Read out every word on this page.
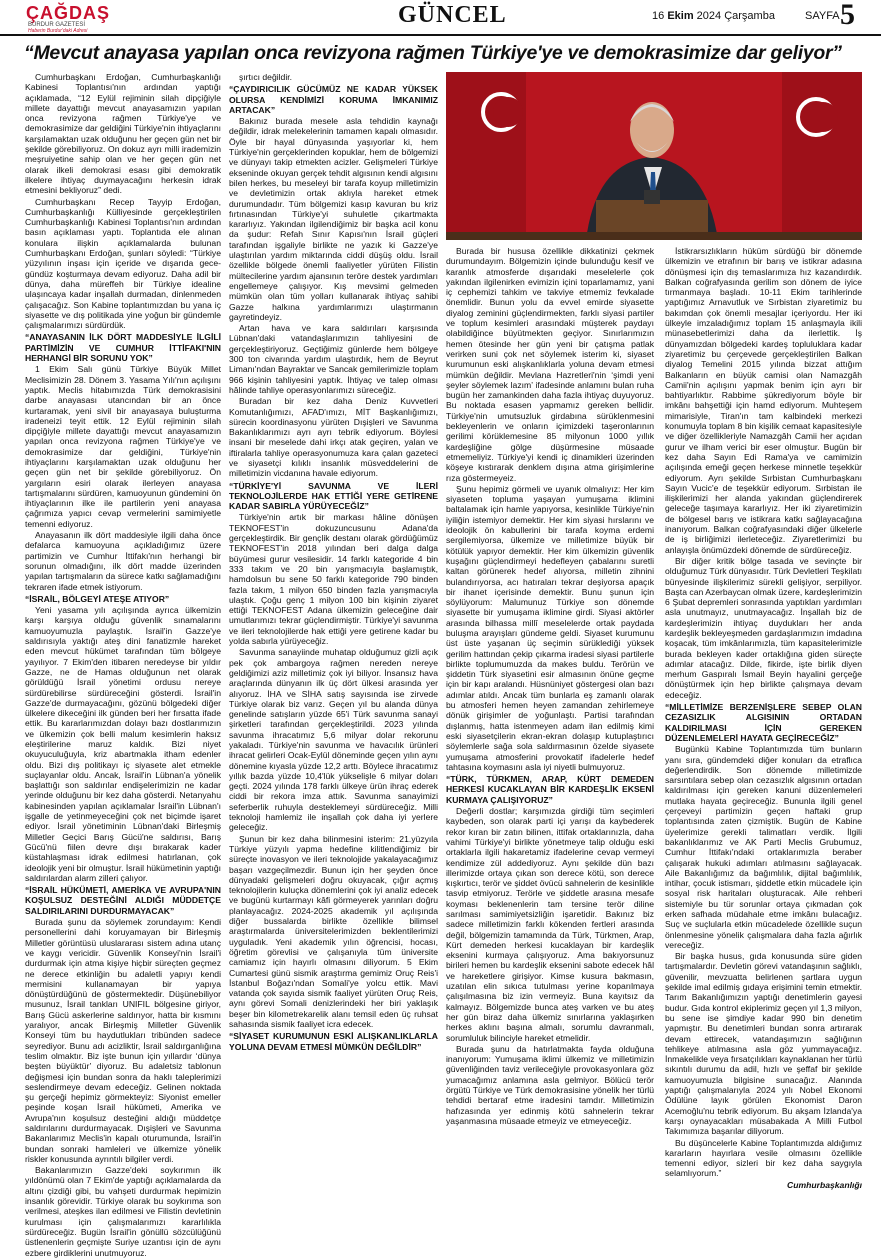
ÇAĞDAŞ
BURDUR GAZETESİ
Haberin Burdur'daki Adresi
GÜNCEL	16 Ekim 2024 Çarşamba	SAYFA 5
“Mevcut anayasa yapılan onca revizyona rağmen Türkiye'ye ve demokrasimize dar geliyor”

Cumhurbaşkanı Erdoğan, Cumhurbaşkanlığı Kabinesi Toplantısı'nın ardından yaptığı açıklamada, “12 Eylül rejiminin silah dipçiğiyle millete dayattığı mevcut anayasamızın yapılan onca revizyona rağmen Türkiye'ye ve demokrasimize dar geldiğini Türkiye'nin ihtiyaçlarını karşılamaktan uzak olduğunu her geçen gün net bir şekilde görebiliyoruz. On dokuz ayrı milli irademizin meşruiyetine sahip olan ve her geçen gün net olarak ilkeli demokrasi esası gibi demokratik ilkelere ihtiyaç duymayacağını herkesin idrak etmesini bekliyoruz” dedi.

Cumhurbaşkanı Recep Tayyip Erdoğan, Cumhurbaşkanlığı Külliyesinde gerçekleştirilen Cumhurbaşkanlığı Kabinesi Toplantısı'nın ardından basın açıklaması yaptı. Toplantıda ele alınan konulara ilişkin açıklamalarda bulunan Cumhurbaşkanı Erdoğan, şunları söyledi: “Türkiye yüzyılının inşası için içeride ve dışarıda gece-gündüz koşturmaya devam ediyoruz. Daha adil bir dünya, daha müreffeh bir Türkiye idealine ulaşıncaya kadar inşallah durmadan, dinlenmeden çalışacağız. Son Kabine toplantımızdan bu yana iç siyasette ve dış politikada yine yoğun bir gündemle çalışmalarımızı sürdürdük.

“ANAYASANIN İLK DÖRT MADDESİYLE İLGİLİ PARTİMİZİN VE CUMHUR İTTİFAKI'NIN HERHANGİ BİR SORUNU YOK”

1 Ekim Salı günü Türkiye Büyük Millet Meclisimizin 28. Dönem 3. Yasama Yılı'nın açılışını yaptık. Meclis hitabımızda Türk demokrasisini darbe anayasası utancından bir an önce kurtaramak, yeni sivil bir anayasaya buluşturma iradeneizi teyit ettik. 12 Eylül rejiminin silah dipçiğiyle millete dayattığı mevcut anayasamızın yapılan onca revizyona rağmen Türkiye'ye ve demokrasimize dar geldiğini, Türkiye'nin ihtiyaçlarını karşılamaktan uzak olduğunu her geçen gün net bir şekilde görebiliyoruz. Ön yargıların esiri olarak ilerleyen anayasa tartışmalarını sürdüren, kamuoyunun gündemini ön ihtiyaçlarının ilke ile partilerin yeni anayasa çağrımıza yapıcı cevap vermelerini samimiyetle temenni ediyoruz.

Anayasanın ilk dört maddesiyle ilgili daha önce defalarca kamuoyuna açıkladığımız üzere partimizin ve Cumhur İttifakı'nın herhangi bir sorunun olmadığını, ilk dört madde üzerinden yapılan tartışmaların da sürece katkı sağlamadığını tekraren ifade etmek istiyorum.

“İSRAİL, BÖLGEYİ ATEŞE ATIYOR”

Yeni yasama yılı açılışında ayrıca ülkemizin karşı karşıya olduğu güvenlik sınamalarını kamuoyumuzla paylaştık. İsrail'in Gazze'ye saldırısıyla yaktığı ateş dini fanatizmle hareket eden mevcut hükümet tarafından tüm bölgeye yayılıyor. 7 Ekim'den itibaren neredeyse bir yıldır Gazze, ne de Hamas olduğunun net olarak görüldüğü İsrail yönetimi ordusu nereye sürdürebilirse sürdüreceğini gösterdi. İsrail'in Gazze'de durmayacağını, gözünü bölgedeki diğer ülkelere dikeceğini ilk günden beri her fırsatta ifade ettik. Bu kararlarımızdan dolayı bazı dostlarımızın ve ülkemizin çok belli malum kesimlerin haksız eleştirilerine maruz kaldık. Bizi niyet okuyuculuğuyla, kriz abartmakla itham edenler oldu. Bizi dış politikayı iç siyasete alet etmekle suçlayanlar oldu. Ancak, İsrail'in Lübnan'a yönelik başlattığı son saldırılar endişelerimizin ne kadar yerinde olduğunu bir kez daha gösterdi. Netanyahu kabinesinden yapılan açıklamalar İsrail'in Lübnan'ı işgalle de yetinmeyeceğini çok net biçimde işaret ediyor. İsrail yönetiminin Lübnan'daki Birleşmiş Milletler Geçici Barış Gücü'ne saldırısı, Barış Gücü'nü fiilen devre dışı bırakarak kader küstahlaşması idrak edilmesi hatırlanan, çok ideolojik yeni bir olmuştur. İsrail hükümetinin yaptığı saldırılardan alarm zilleri çalıyor.

“İSRAİL HÜKÜMETİ, AMERİKA VE AVRUPA'NIN KOŞULSUZ DESTEĞİNİ ALDIĞI MÜDDETÇE SALDIRILARINI DURDURMAYACAK”

Burada şunu da söylemek zorundayım: Kendi personellerini dahi koruyamayan bir Birleşmiş Milletler görüntüsü uluslararası sistem adına utanç ve kaygı vericidir. Güvenlik Konseyi'nin İsrail'i durdurmak için atma kişiye hiçbir süreçten geçmez ne derece etkinliğin bu adaletli yapıyı kendi mermisini kullanamayan bir yapıya dönüştürdüğünü de göstermektedir. Düşünebiliyor musunuz, İsrail tankları UNIFIL bölgesine giriyor, Barış Gücü askerlerine saldırıyor, hatta bir kısmını yaralıyor, ancak Birleşmiş Milletler Güvenlik Konseyi tüm bu haydutlukları tribünden sadece seyrediyor. Bunu adı acizliktir, İsrail saldırganlığına teslim olmaktır. Biz işte bunun için yıllardır ‘dünya beşten büyüktür’ diyoruz. Bu adaletsiz tablonun değişmesi için bundan sonra da haklı taleplerimizi seslendirmeye devam edeceğiz. Gelinen noktada şu gerçeği hepimiz görmekteyiz: Siyonist emeller peşinde koşan İsrail hükümeti, Amerika ve Avrupa'nın koşulsuz desteğini aldığı müddetçe saldırılarını durdurmayacak. Dışişleri ve Savunma Bakanlarımız Meclis'in kapalı oturumunda, İsrail'in bundan sonraki hamleleri ve ülkemize yönelik riskler konusunda ayrıntılı bilgiler verdi.

Bakanlarımızın Gazze'deki soykırımın ilk yıldönümü olan 7 Ekim'de yaptığı açıklamalarda da altını çizdiği gibi, bu vahşeti durdurmak hepimizin insanlık görevidir. Türkiye olarak bu soykırıma son verilmesi, ateşkes ilan edilmesi ve Filistin devletinin kurulması için çalışmalarımızı kararlılıkla sürdüreceğiz. Bugün İsrail'in gönüllü sözcülüğünü üstlenenlerin geçmişte Suriye uzantısı için de aynı ezbere girdiklerini unutmuyoruz.

şırtıcı değildir.

“ÇAYDIRICILIK GÜCÜMÜZ NE KADAR YÜKSEK OLURSA KENDİMİZİ KORUMA İMKANIMIZ ARTACAK”

Bakınız burada mesele asla tehdidin kaynağı değildir, idrak melekelerinin tamamen kapalı olmasıdır. Öyle bir hayal dünyasında yaşıyorlar ki, hem Türkiye'nin gerçeklerinden kopuklar, hem de bölgemizi ve dünyayı takip etmekten acizler. Gelişmeleri Türkiye ekseninde okuyan gerçek tehdit algısının kendi algısını bilen herkes, bu meseleyi bir tarafa koyup milletimizin ve devletimizin ortak aklıyla hareket etmek durumundadır. Tüm bölgemizi kasıp kavuran bu kriz fırtınasından Türkiye'yi suhuletle çıkartmakta kararlıyız. Yakından ilgilendiğimiz bir başka acil konu da şudur: Refah Sınır Kapısı'nın İsrail güçleri tarafından işgaliyle birlikte ne yazık ki Gazze'ye ulaştırılan yardım miktarında ciddi düşüş oldu. İsrail özellikle bölgede önemli faaliyetler yürüten Filistin mültecilerine yardım ajansının teröre destek yardımları engellemeye çalışıyor. Kış mevsimi gelmeden mümkün olan tüm yolları kullanarak ihtiyaç sahibi Gazze halkına yardımlarımızı ulaştırmanın gayretindeyiz.

Artan hava ve kara saldırıları karşısında Lübnan'daki vatandaşlarımızın tahliyesini de gerçekleştiriyoruz. Geçtiğimiz günlerde hem bölgeye 300 ton civarında yardım ulaştırdık, hem de Beyrut Limanı'ndan Bayraktar ve Sancak gemilerimizle toplam 966 kişinin tahliyesini yaptık. İhtiyaç ve talep olması hâlinde tahliye operasyonlarımızı süreceğiz.

Buradan bir kez daha Deniz Kuvvetleri Komutanlığımızı, AFAD'ımızı, MİT Başkanlığımızı, sürecin koordinasyonu yürüten Dışişleri ve Savunma Bakanlıklarımızı ayrı ayrı tebrik ediyorum. Böylesi insani bir meselede dahi irkçı atak geçiren, yalan ve iftiralarla tahliye operasyonumuza kara çalan gazeteci ve siyasetçi kılıklı insanlık müsveddelerini de milletimizin vicdanına havale ediyorum.

“TÜRKİYE'Yİ SAVUNMA VE İLERİ TEKNOLOJİLERDE HAK ETTİĞİ YERE GETİRENE KADAR SABIRLA YÜRÜYECEĞİZ”

Türkiye'nin artık bir markası hâline dönüşen TEKNOFEST'in dokuzuncusunu Adana'da gerçekleştirdik. Bir gençlik destanı olarak gördüğümüz TEKNOFEST'in 2018 yılından beri dalga dalga büyümesi gurur vesilesidir. 14 farklı kategoride 4 bin 333 takım ve 20 bin yarışmacıyla başlamıştık, hamdolsun bu sene 50 farklı kategoride 790 binden fazla takım, 1 milyon 650 binden fazla yarışmacıyla ulaştık. Çoğu genç 1 milyon 100 bin kişinin ziyaret ettiği TEKNOFEST Adana ülkemizin geleceğine dair umutlarımızı tekrar güçlendirmiştir. Türkiye'yi savunma ve ileri teknolojilerde hak ettiği yere getirene kadar bu yolda sabırla yürüyeceğiz.

Savunma sanayiinde muhatap olduğumuz gizli açık pek çok ambargoya rağmen nereden nereye geldiğimizi aziz milletimiz çok iyi biliyor. İnsansız hava araçlarında dünyanın ilk üç dört ülkesi arasında yer alıyoruz. İHA ve SİHA satış sayısında ise zirvede Türkiye olarak biz varız. Geçen yıl bu alanda dünya genelinde satışların yüzde 65'i Türk savunma sanayi şirketleri tarafından gerçekleştirildi. 2023 yılında savunma ihracatımız 5,6 milyar dolar rekorunu yakaladı. Türkiye'nin savunma ve havacılık ürünleri ihracat gelirleri Ocak-Eylül döneminde geçen yılın aynı dönemine kıyasla yüzde 12,2 arttı. Böylece ihracatımız yıllık bazda yüzde 10,4'lük yükselişle 6 milyar doları geçti. 2024 yılında 178 farklı ülkeye ürün ihraç ederek ciddi bir rekora imza attık. Savunma sanayimizi seferberlik ruhuyla desteklemeyi sürdüreceğiz. Milli teknoloji hamlemiz ile inşallah çok daha iyi yerlere geleceğiz.

Şunun bir kez daha bilinmesini isterim: 21.yüzyıla Türkiye yüzyılı yapma hedefine kilitlendiğimiz bir süreçte inovasyon ve ileri teknolojide yakalayacağımız başarı vazgeçilmezdir. Bunun için her şeyden önce dünyadaki gelişmeleri doğru okuyacak, çığır açmış teknolojilerin kuluçka dönemlerini çok iyi analiz edecek ve bugünü kurtarmayı kâfi görmeyerek yarınları doğru planlayacağız. 2024-2025 akademik yıl açılışında diğer bussalarda birlikte özellikle bilimsel araştırmalarda üniversitelerimizden beklentilerimizi uyguladık. Yeni akademik yılın öğrencisi, hocası, öğretim görevlisi ve çalışanıyla tüm üniversite camiamız için hayırlı olmasını diliyorum. 5 Ekim Cumartesi günü sismik araştırma gemimiz Oruç Reis'i İstanbul Boğazı'ndan Somali'ye yolcu ettik. Mavi vatanda çok sayıda sismik faaliyet yürüten Oruç Reis, aynı görevi Somali denizlerindeki her biri yaklaşık beşer bin kilometrekarelik alanı temsil eden üç ruhsat sahasında sismik faaliyet icra edecek.

“SİYASET KURUMUNUN ESKİ ALIŞKANLIKLARLA YOLUNA DEVAM ETMESİ MÜMKÜN DEĞİLDİR”

Burada bir hususa özellikle dikkatinizi çekmek durumundayım. Bölgemizin içinde bulunduğu kesif ve karanlık atmosferde dışarıdaki meselelerle çok yakından ilgilenirken evimizin içini toparlamamız, yani iç cephemizi tahkim ve takviye etmemiz fevkalade önemlidir. Bunun yolu da evvel emirde siyasette diyalog zeminini güçlendirmekten, farklı siyasi partiler ve toplum kesimleri arasındaki müşterek paydayı olabildiğince büyütmekten geçiyor. Sınırlarımızın hemen ötesinde her gün yeni bir çatışma patlak verirken suni çok net söylemek isterim ki, siyaset kurumunun eski alışkanlıklarla yoluna devam etmesi mümkün değildir. Mevlana Hazretleri'nin ‘şimdi yeni şeyler söylemek lazım’ ifadesinde anlamını bulan ruha bugün her zamankinden daha fazla ihtiyaç duyuyoruz. Bu noktada esasen yapmamız gereken bellidir. Türkiye'nin umutsuzluk girdabına sürüklenmesini bekleyenlerin ve onların içimizdeki taşeronlarının gerilimi körüklemesine 85 milyonun 1000 yıllık kardeşliğine gölge düşürmesine müsaade etmemeliyiz. Türkiye'yi kendi iç dinamikleri üzerinden köşeye kıstırarak denklem dışına atma girişimlerine rıza göstermeyeiz.

Şunu hepimiz görmeli ve uyanık olmalıyız: Her kim siyaseten topluma yaşayan yumuşama iklimini baltalamak için hamle yapıyorsa, kesinlikle Türkiye'nin iyiliğin istemiyor demektir. Her kim siyasi hırslarını ve ideolojik ön kabullerini bir tarafa koyma erdemi sergilemiyorsa, ülkemize ve milletimize büyük bir kötülük yapıyor demektir. Her kim ülkemizin güvenlik kuşağını güçlendirmeyi hedefleyen çabalarını suretli kaltan görünerek hedef alıyorsa, milletin zihnini bulandırıyorsa, acı hatıraları tekrar deşiyorsa apaçık bir ihanet içerisinde demektir. Bunu şunun için söylüyorum: Malumunuz Türkiye son dönemde siyasette bir yumuşama iklimine girdi. Siyasi aktörler arasında bilhassa millî meselelerde ortak paydada buluşma arayışları gündeme geldi. Siyaset kurumunu üst üste yaşanan üç seçimin sürüklediği yüksek gerilim hattından çekip çıkarma iradesi siyasi partilerle birlikte toplumumuzda da makes buldu. Terörün ve şiddetin Türk siyasetini esir almasının önüne geçme için bir kapı aralandı. Hüsnüniyet göstergesi olan bazı adımlar atıldı. Ancak tüm bunlarla eş zamanlı olarak bu atmosferi hemen heyen zamandan zehirlemeye dönük girişimler de yoğunlaştı. Partisi tarafından dışlanmış, hatta istenmeyen adam ilan edilmiş kimi eski siyasetçilerin ekran-ekran dolaşıp kutuplaştırıcı söylemlerle sağa sola saldırmasının özelde siyasete yumuşama atmosferini provokatif ifadelerle hedef tahtasına koymasını asla iyi niyetli bulmuyoruz.

“TÜRK, TÜRKMEN, ARAP, KÜRT DEMEDEN HERKESİ KUCAKLAYAN BİR KARDEŞLİK EKSENİ KURMAYA ÇALIŞIYORUZ”

Değerli dostlar; karşımızda girdiği tüm seçimleri kaybeden, son olarak parti içi yarışı da kaybederek rekor kıran bir zatın bilinen, ittifak ortaklarınızla, daha vahimi Türkiye'yi birlikte yönetmeye talip olduğu eski ortaklarla ilgili hakaretamiz ifadelerine cevap vermeyi kendimize zül addediyoruz. Aynı şekilde dün bazı illerimizde ortaya çıkan son derece kötü, son derece kışkırtıcı, terör ve şiddet övücü sahnelerin de kesinlikle tasvip etmiyoruz. Terörle ve şiddetle arasına mesafe koyması beklenenlerin tam tersine terör diline sarılması samimiyetsizliğin işaretidir. Bakınız biz sadece milletimizin farklı kökenden fertleri arasında değil, bölgemizin tamamında da Türk, Türkmen, Arap, Kürt demeden herkesi kucaklayan bir kardeşlik eksenini kurmaya çalışıyoruz. Ama bakıyorsunuz birileri hemen bu kardeşlik eksenini sabote edecek hâl ve hareketlere girişiyor. Kimse kusura bakmasın, uzatılan elin sıkıca tutulması yerine koparılmaya çalışılmasına biz izin vermeyiz. Buna kayıtsız da kalmayız. Bölgemizde bunca ateş varken ve bu ateş her gün biraz daha ülkemiz sınırlarına yaklaşırken herkes aklını başına almalı, sorumlu davranmalı, sorumluluk bilinciyle hareket etmelidir.

Burada şunu da hatırlatmakta fayda olduğuna inanıyorum: Yumuşama iklimi ülkemiz ve milletimizin güvenliğinden taviz verileceğiyle provokasyonlara göz yumacağımız anlamına asla gelmiyor. Bölücü terör örgütü Türkiye ve Türk demokrasisine yönelik her türlü tehdidi bertaraf etme iradesini tamdır. Milletimizin hafızasında yer edinmiş kötü sahnelerin tekrar yaşanmasına müsaade etmeyiz ve etmeyeceğiz.

İstikrarsızlıkların hüküm sürdüğü bir dönemde ülkemizin ve etrafının bir barış ve istikrar adasına dönüşmesi için dış temaslarımıza hız kazandırdık. Balkan coğrafyasında gerilim son dönem de iyice tırmanmaya başladı. 10-11 Ekim tarihlerinde yaptığımız Arnavutluk ve Sırbistan ziyaretimiz bu bakımdan çok önemli mesajlar içeriyordu. Her iki ülkeyle imzaladığımız toplam 15 anlaşmayla ikili münasebetlerimizi daha da ilerlettik. İş dünyamızdan bölgedeki kardeş topluluklara kadar ziyaretimiz bu çerçevede gerçekleştirilen Balkan diyalog Temelini 2015 yılında bizzat attığım Balkanların en büyük camisi olan Namazgâh Camii'nin açılışını yapmak benim için ayrı bir bahtiyarlıktır. Rabbime şükrediyorum böyle bir imkânı bahşettiği için hamd ediyorum. Muhteşem mimarisiyle, Tiran'ın tam kalbindeki merkezi konumuyla toplam 8 bin kişilik cemaat kapasitesiyle ve diğer özellikleriyle Namazgâh Camii her açıdan gurur ve ilham verici bir eser olmuştur. Bugün bir kez daha Sayın Edi Rama'ya ve camimizin açılışında emeği geçen herkese minnetle teşekkür ediyorum. Ayrı şekilde Sırbistan Cumhurbaşkanı Sayın Vucic'e de teşekkür ediyorum. Sırbistan ile ilişkilerimizi her alanda yakından güçlendirerek geleceğe taşımaya kararlıyız. Her iki ziyaretimizin de bölgesel barış ve istikrara katkı sağlayacağına inanıyorum. Balkan coğrafyasındaki diğer ülkelerle de iş birliğimizi ilerleteceğiz. Ziyaretlerimizi bu anlayışla önümüzdeki dönemde de sürdüreceğiz.

Bir diğer kritik bölge tasada ve sevinçte bir olduğumuz Türk dünyasıdır. Türk Devletleri Teşkilatı bünyesinde ilişkilerimiz sürekli gelişiyor, serpiliyor. Başta can Azerbaycan olmak üzere, kardeşlerimizin 6 Şubat depremleri sonrasında yaptıkları yardımları asla unutmayız, unutmayacağız. İnşallah biz de kardeşlerimizin ihtiyaç duydukları her anda kardeşlik bekleyeşmeden gardaşlarımızın imdadına koşacak, tüm imkânlarımızla, tüm kapasitelerimizle burada bekleyen kader ortaklığına giden süreçte adımlar atacağız. Dilde, fikirde, işte birlik diyen merhum Gaspıralı İsmail Beyin hayalini gerçeğe dönüştürmek için hep birlikte çalışmaya devam edeceğiz.

“MİLLETİMİZE BERZENİŞLERE SEBEP OLAN CEZASIZLIK ALGISININ ORTADAN KALDIRILMASI İÇİN GEREKEN DÜZENLEMELERİ HAYATA GEÇİRECEĞİZ”

Bugünkü Kabine Toplantımızda tüm bunların yanı sıra, gündemdeki diğer konuları da etraflıca değerlendirdik. Son dönemde milletimizde sarsıntılara sebep olan cezasızlık algısının ortadan kaldırılması için gereken kanuni düzenlemeleri mutlaka hayata geçireceğiz. Bununla ilgili genel çerçeveyi partimizin geçen haftaki grup toplantısında zaten çizmiştik. Bugün de Kabine üyelerimize gerekli talimatları verdik. İlgili bakanlıklarımız ve AK Parti Meclis Grubumuz, Cumhur İttifakı'ndaki ortaklarımızla beraber çalışarak hukuki adımları atılmasını sağlayacak. Aile Bakanlığımız da bağımlılık, dijital bağımlılık, intihar, çocuk istismarı, şiddetle etkin mücadele için sosyal risk haritaları oluşturacak. Aile rehberi sistemiyle bu tür sorunlar ortaya çıkmadan çok erken safhada müdahale etme imkânı bulacağız. Suç ve suçlularla etkin mücadelede özellikle suçun önlenmesine yönelik çalışmalara daha fazla ağırlık vereceğiz.

Bir başka husus, gıda konusunda süre giden tartışmalardır. Devletin görevi vatandaşının sağlıklı, güvenilir, mevzuatta belirlenen şartlara uygun şekilde imal edilmiş gıdaya erişimini temin etmektir. Tarım Bakanlığımızın yaptığı denetimlerin gayesi budur. Gıda kontrol ekiplerimiz geçen yıl 1,3 milyon, bu sene ise şimdiye kadar 990 bin denetim yapmıştır. Bu denetimleri bundan sonra artırarak devam ettirecek, vatandaşımızın sağlığının tehlikeye atılmasına asla göz yummayacağız. İnmakelikle veya fırsatçılıkları kaynaklanan her türlü sıkıntılı durumu da adil, hızlı ve şeffaf bir şekilde kamuoyumuzla bilgisine sunacağız. Alanında yaptığı çalışmalarıyla 2024 yılı Nobel Ekonomi Ödülüne layık görülen Ekonomist Daron Acemoğlu'nu tebrik ediyorum. Bu akşam İzlanda'ya karşı oynayacakları müsabakada A Milli Futbol Takımımıza başarılar diliyorum.

Bu düşüncelerle Kabine Toplantımızda aldığımız kararların hayırlara vesile olmasını özellikle temenni ediyor, sizleri bir kez daha saygıyla selamlıyorum.”

Cumhurbaşkanlığı
